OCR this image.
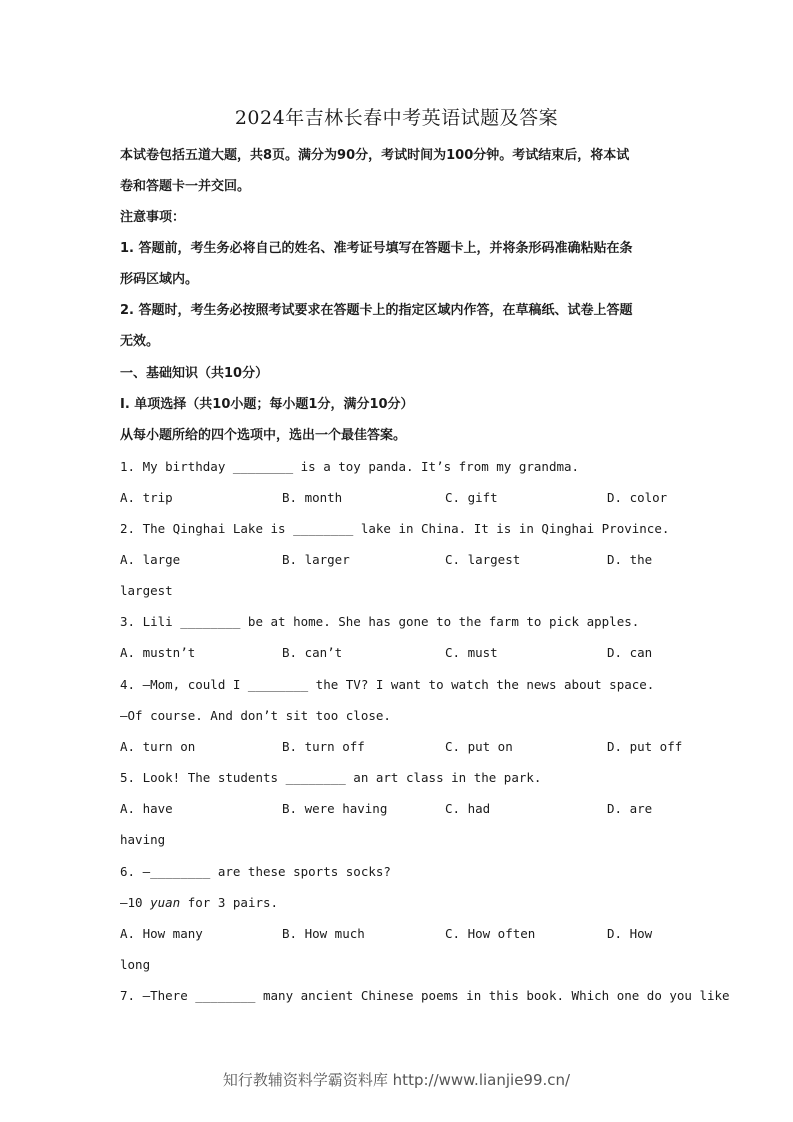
2024年吉林长春中考英语试题及答案
本试卷包括五道大题，共8页。满分为90分，考试时间为100分钟。考试结束后，将本试
卷和答题卡一并交回。
注意事项：
1. 答题前，考生务必将自己的姓名、准考证号填写在答题卡上，并将条形码准确粘贴在条
形码区域内。
2. 答题时，考生务必按照考试要求在答题卡上的指定区域内作答，在草稿纸、试卷上答题
无效。
一、基础知识（共10分）
Ⅰ. 单项选择（共10小题；每小题1分，满分10分）
从每小题所给的四个选项中，选出一个最佳答案。
1. My birthday ________ is a toy panda. It’s from my grandma.
A. trip	B. month	C. gift	D. color
2. The Qinghai Lake is ________ lake in China. It is in Qinghai Province.
A. large	B. larger	C. largest	D. the
largest
3. Lili ________ be at home. She has gone to the farm to pick apples.
A. mustn’t	B. can’t	C. must	D. can
4. —Mom, could I ________ the TV? I want to watch the news about space.
—Of course. And don’t sit too close.
A. turn on	B. turn off	C. put on	D. put off
5. Look! The students ________ an art class in the park.
A. have	B. were having	C. had	D. are
having
6. —________ are these sports socks?
—10 yuan for 3 pairs.
A. How many	B. How much	C. How often	D. How
long
7. —There ________ many ancient Chinese poems in this book. Which one do you like
知行教辅资料学霸资料库 http://www.lianjie99.cn/
